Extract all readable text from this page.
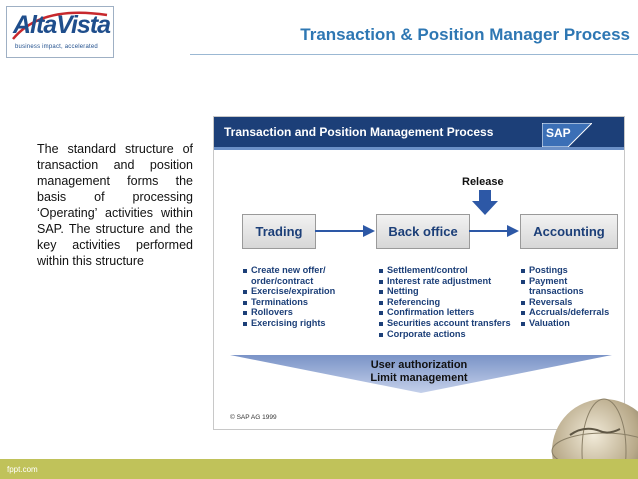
AltaVista
business impact, accelerated
Transaction & Position Manager Process
The standard structure of transaction and position management forms the basis of processing ‘Operating’ activities within SAP. The structure and the key activities performed within this structure
Transaction and Position Management Process	SAP
Release
Trading	Back office	Accounting
Create new offer/ order/contract
Exercise/expiration
Terminations
Rollovers
Exercising rights
Settlement/control
Interest rate adjustment
Netting
Referencing
Confirmation letters
Securities account transfers
Corporate actions
Postings
Payment transactions
Reversals
Accruals/deferrals
Valuation
User authorization
Limit management
© SAP AG 1999
fppt.com
